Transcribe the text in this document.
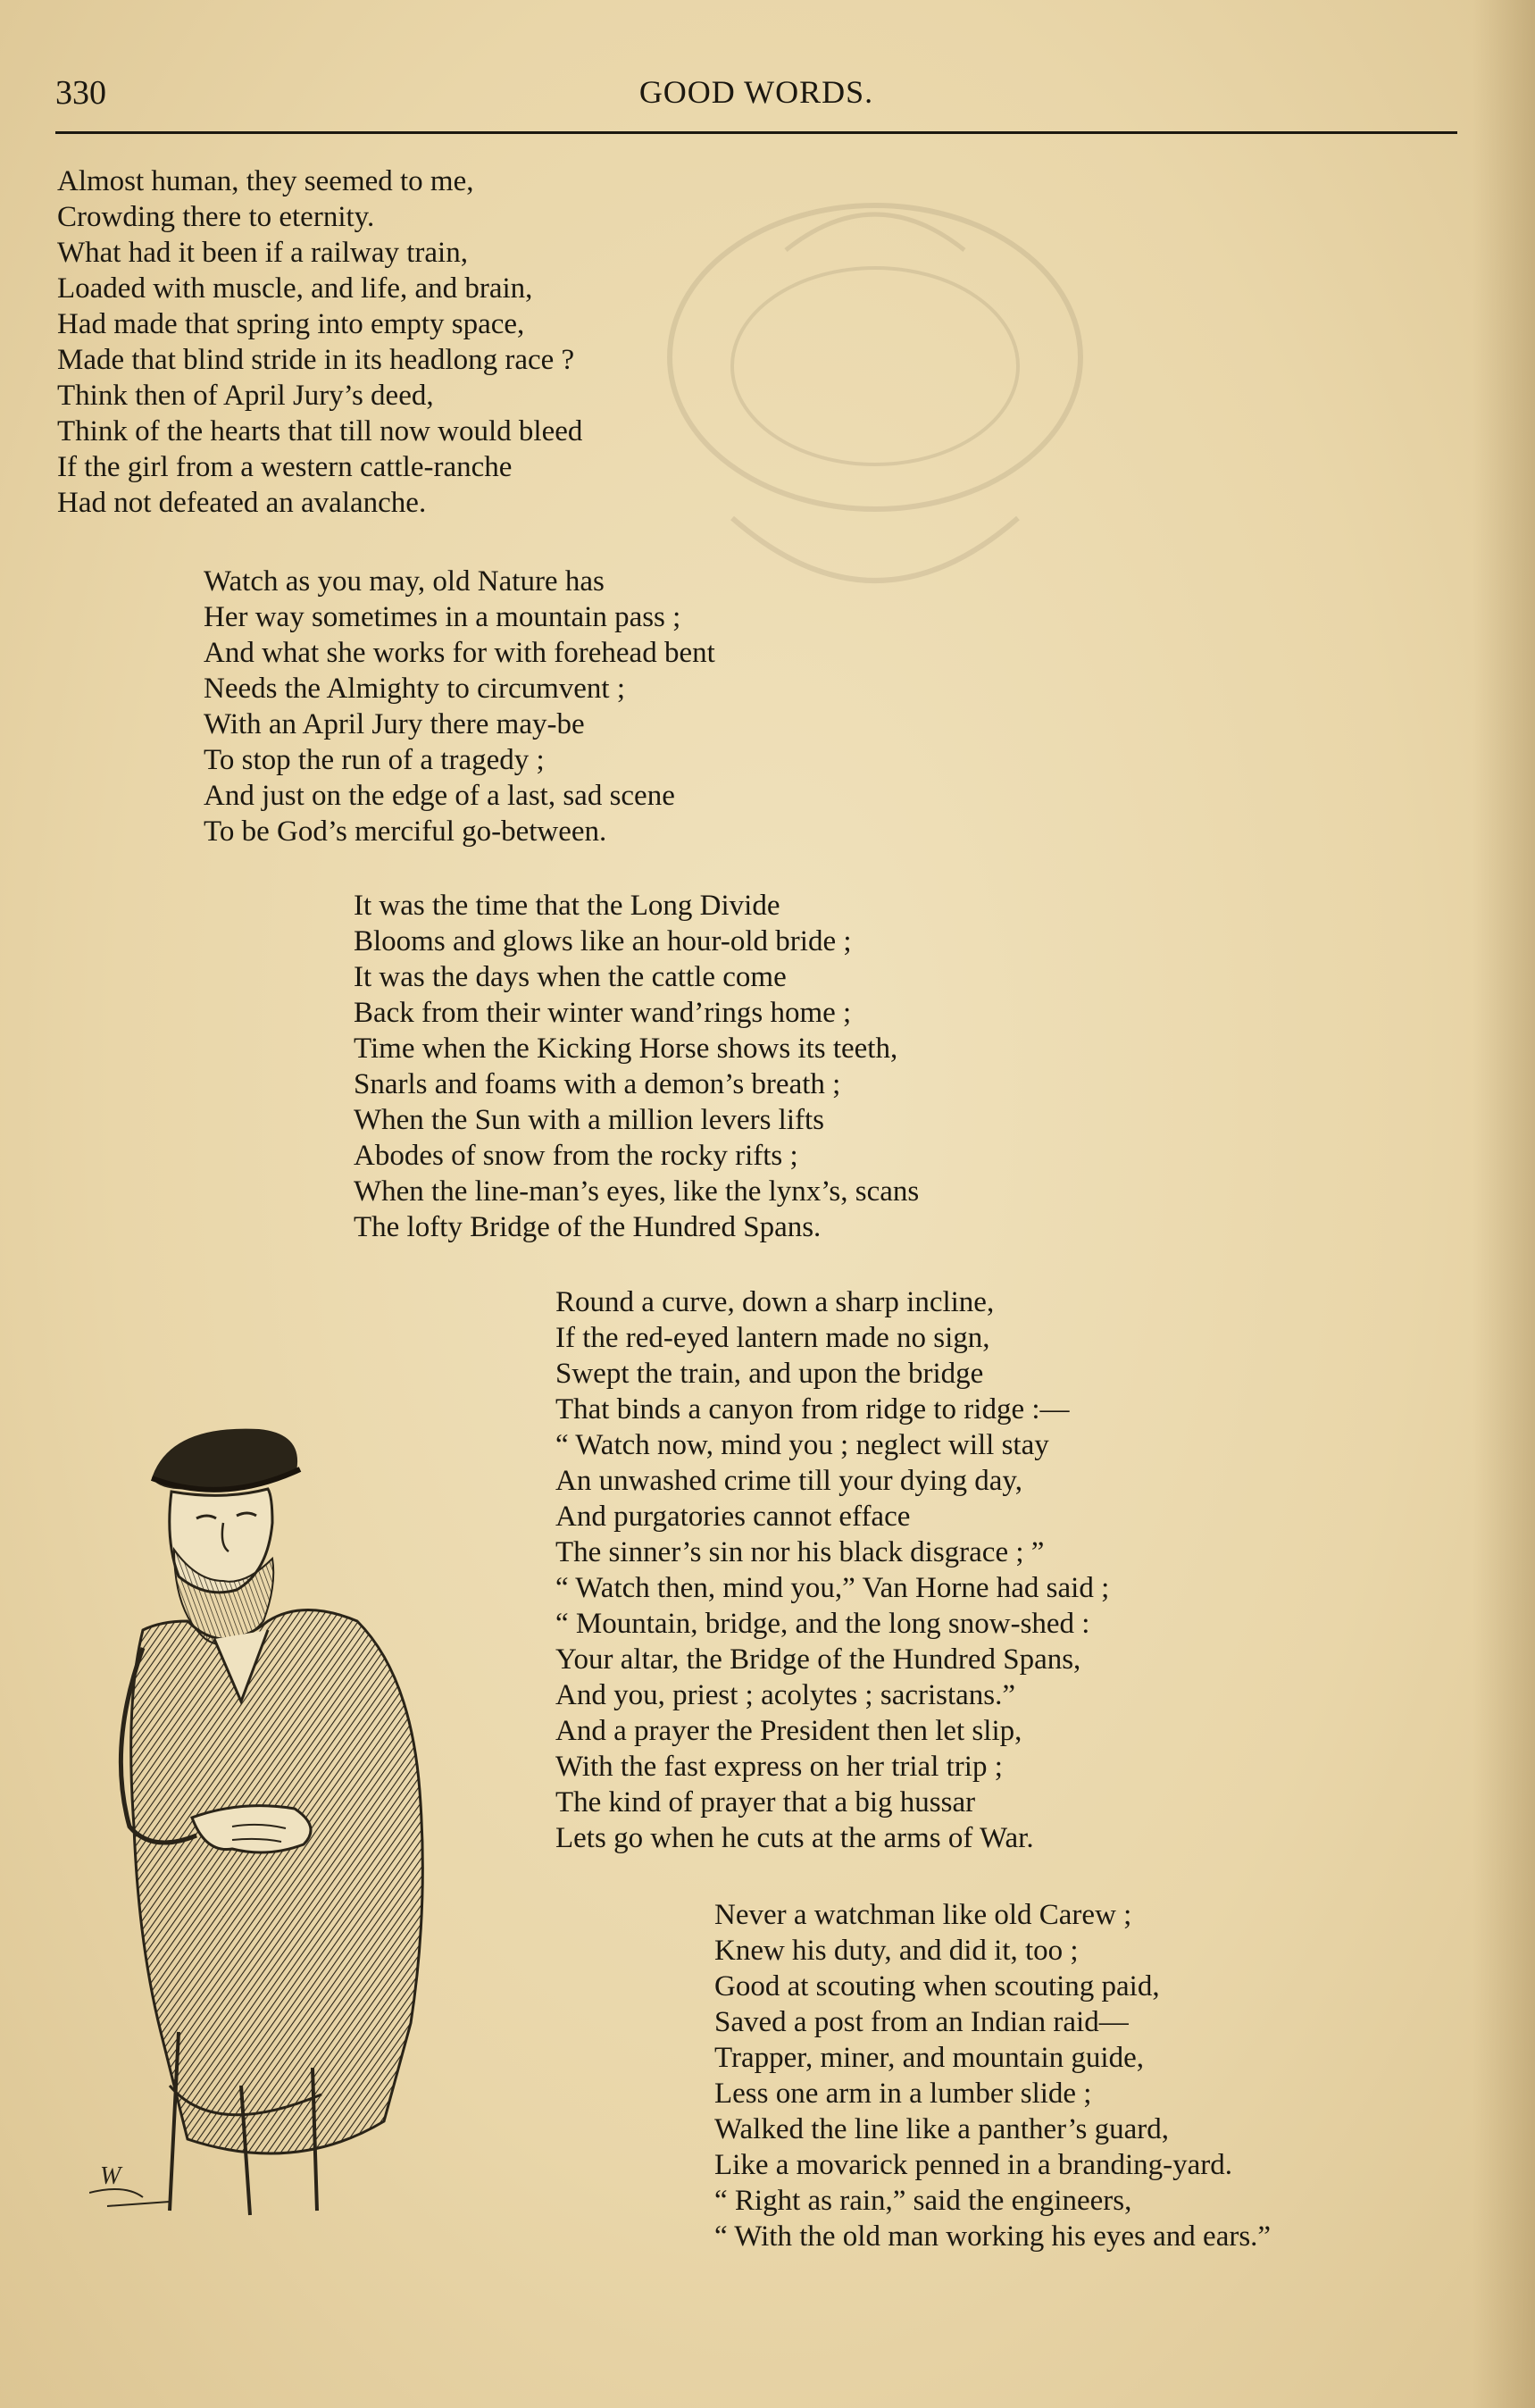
330	GOOD WORDS.
Almost human, they seemed to me,
Crowding there to eternity.
What had it been if a railway train,
Loaded with muscle, and life, and brain,
Had made that spring into empty space,
Made that blind stride in its headlong race ?
Think then of April Jury’s deed,
Think of the hearts that till now would bleed
If the girl from a western cattle-ranche
Had not defeated an avalanche.
Watch as you may, old Nature has
Her way sometimes in a mountain pass ;
And what she works for with forehead bent
Needs the Almighty to circumvent ;
With an April Jury there may-be
To stop the run of a tragedy ;
And just on the edge of a last, sad scene
To be God’s merciful go-between.
It was the time that the Long Divide
Blooms and glows like an hour-old bride ;
It was the days when the cattle come
Back from their winter wand’rings home ;
Time when the Kicking Horse shows its teeth,
Snarls and foams with a demon’s breath ;
When the Sun with a million levers lifts
Abodes of snow from the rocky rifts ;
When the line-man’s eyes, like the lynx’s, scans
The lofty Bridge of the Hundred Spans.
Round a curve, down a sharp incline,
If the red-eyed lantern made no sign,
Swept the train, and upon the bridge
That binds a canyon from ridge to ridge :—
“ Watch now, mind you ; neglect will stay
An unwashed crime till your dying day,
And purgatories cannot efface
The sinner’s sin nor his black disgrace ; ”
“ Watch then, mind you,” Van Horne had said ;
“ Mountain, bridge, and the long snow-shed :
Your altar, the Bridge of the Hundred Spans,
And you, priest ; acolytes ; sacristans.”
And a prayer the President then let slip,
With the fast express on her trial trip ;
The kind of prayer that a big hussar
Lets go when he cuts at the arms of War.
Never a watchman like old Carew ;
Knew his duty, and did it, too ;
Good at scouting when scouting paid,
Saved a post from an Indian raid—
Trapper, miner, and mountain guide,
Less one arm in a lumber slide ;
Walked the line like a panther’s guard,
Like a movarick penned in a branding-yard.
“ Right as rain,” said the engineers,
“ With the old man working his eyes and ears.”
W
